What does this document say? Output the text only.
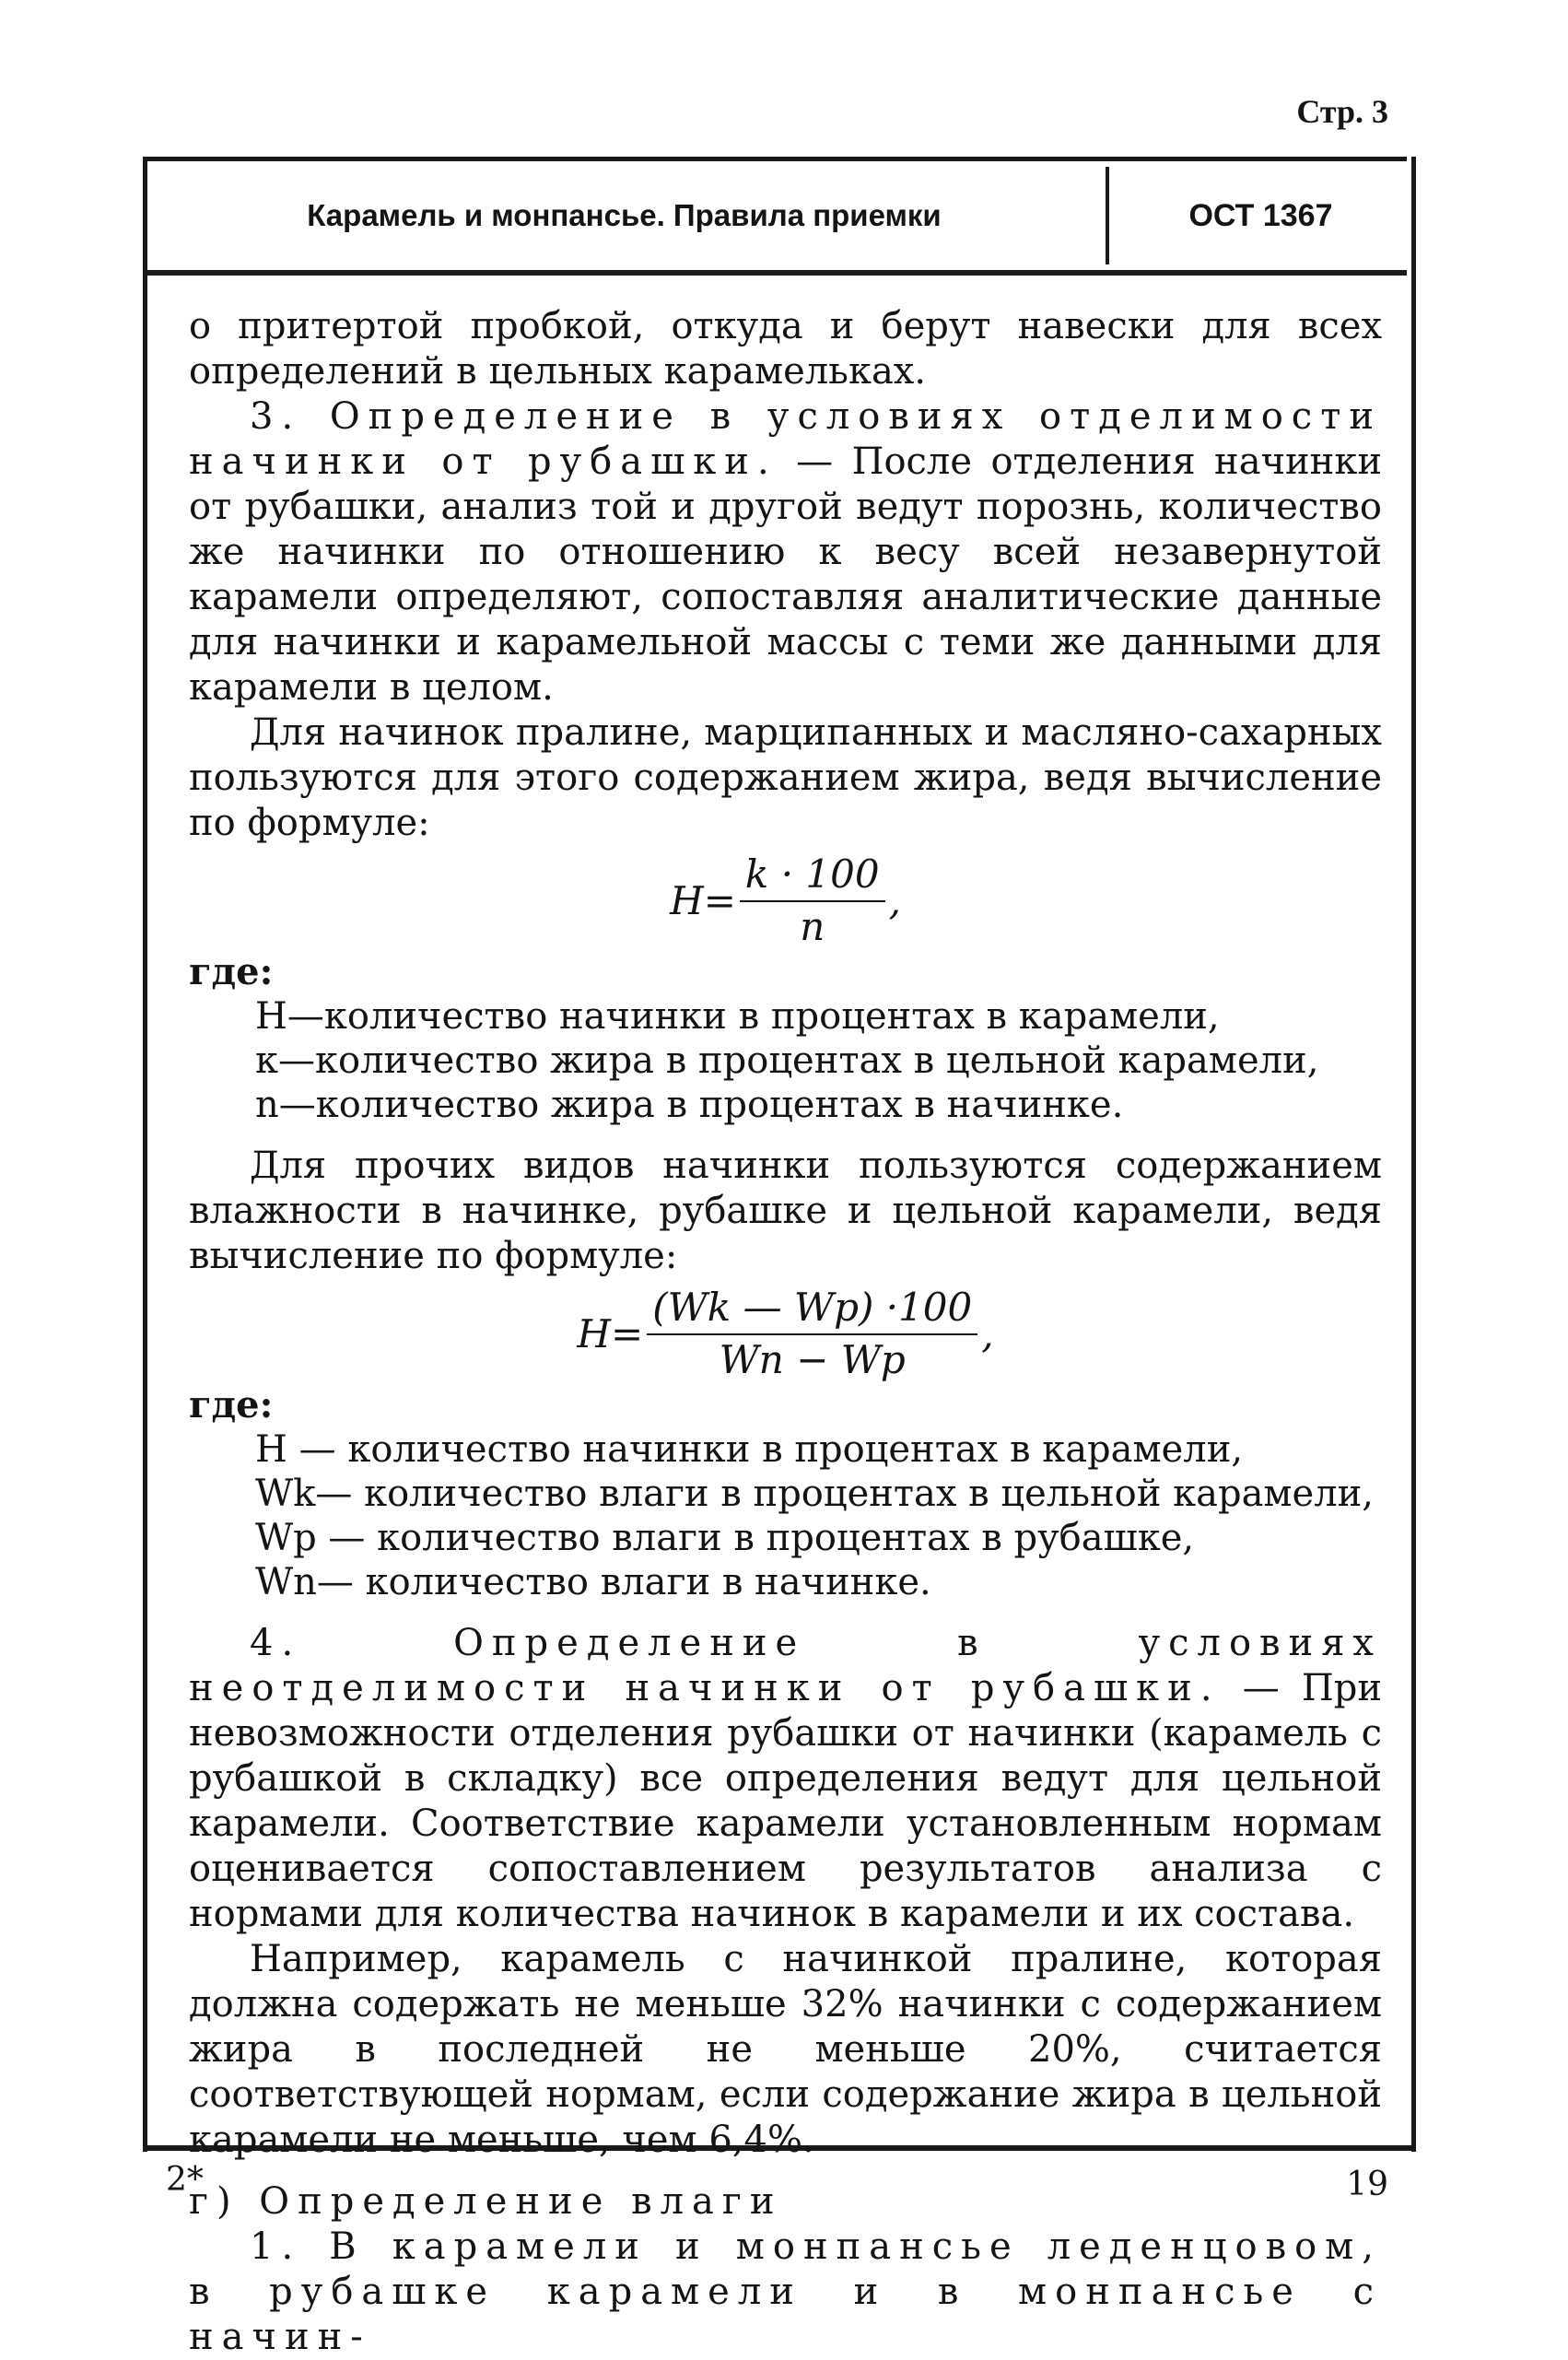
Стр. 3
Карамель и монпансье. Правила приемки	ОСТ 1367

о притертой пробкой, откуда и берут навески для всех определений в цельных карамельках.

3. Определение в условиях отделимости начинки от рубашки. — После отделения начинки от рубашки, анализ той и другой ведут порознь, количество же начинки по отношению к весу всей незавернутой карамели определяют, сопоставляя аналитические данные для начинки и карамельной массы с теми же данными для карамели в целом.

Для начинок пралине, марципанных и масляно-сахарных пользуются для этого содержанием жира, ведя вычисление по формуле:

$H= \frac{k \cdot 100}{n}$ ,

где:

H—количество начинки в процентах в карамели,

к—количество жира в процентах в цельной карамели,

n—количество жира в процентах в начинке.

Для прочих видов начинки пользуются содержанием влажности в начинке, рубашке и цельной карамели, ведя вычисление по формуле:

$H= \frac{(Wk — Wp) \cdot 100}{Wn - Wp}$ ,

где:

H — количество начинки в процентах в карамели,

Wk— количество влаги в процентах в цельной карамели,

Wp — количество влаги в процентах в рубашке,

Wn— количество влаги в начинке.

4. Определение в условиях неотделимости начинки от рубашки. — При невозможности отделения рубашки от начинки (карамель с рубашкой в складку) все определения ведут для цельной карамели. Соответствие карамели установленным нормам оценивается сопоставлением результатов анализа с нормами для количества начинок в карамели и их состава.

Например, карамель с начинкой пралине, которая должна содержать не меньше 32% начинки с содержанием жира в последней не меньше 20%, считается соответствующей нормам, если содержание жира в цельной карамели не меньше, чем 6,4%.

г) Определение влаги

1. В карамели и монпансье леденцовом, в рубашке карамели и в монпансье с начин-

2*	19
